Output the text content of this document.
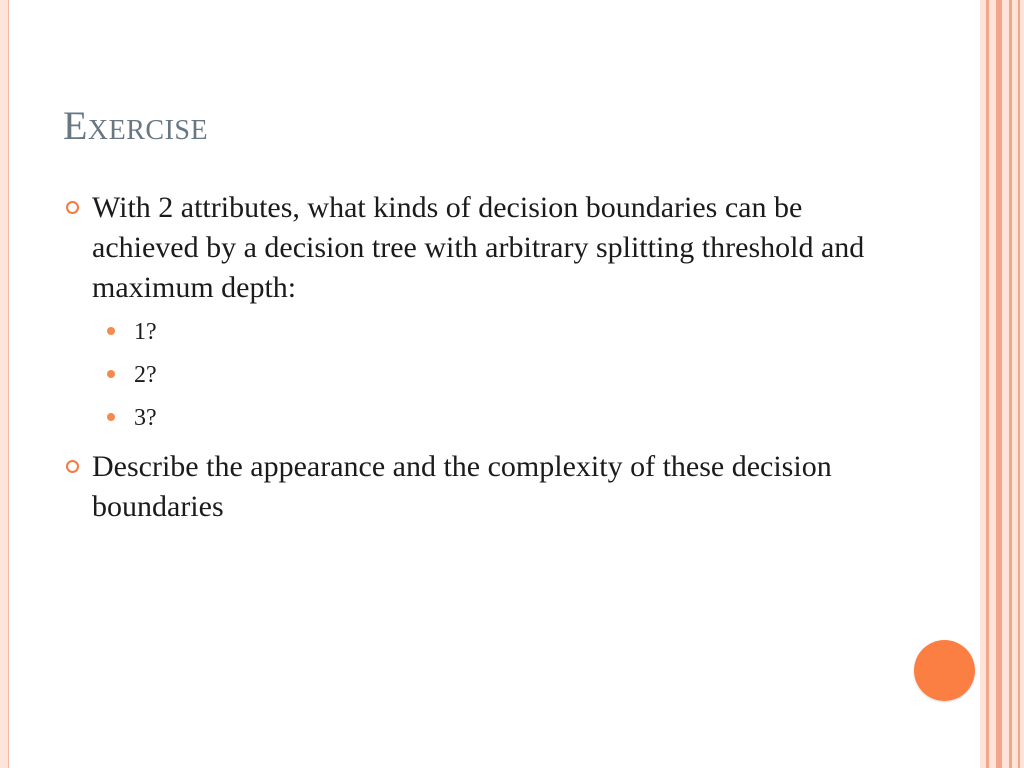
Exercise
With 2 attributes, what kinds of decision boundaries can be achieved by a decision tree with arbitrary splitting threshold and maximum depth:
1?
2?
3?
Describe the appearance and the complexity of these decision boundaries
